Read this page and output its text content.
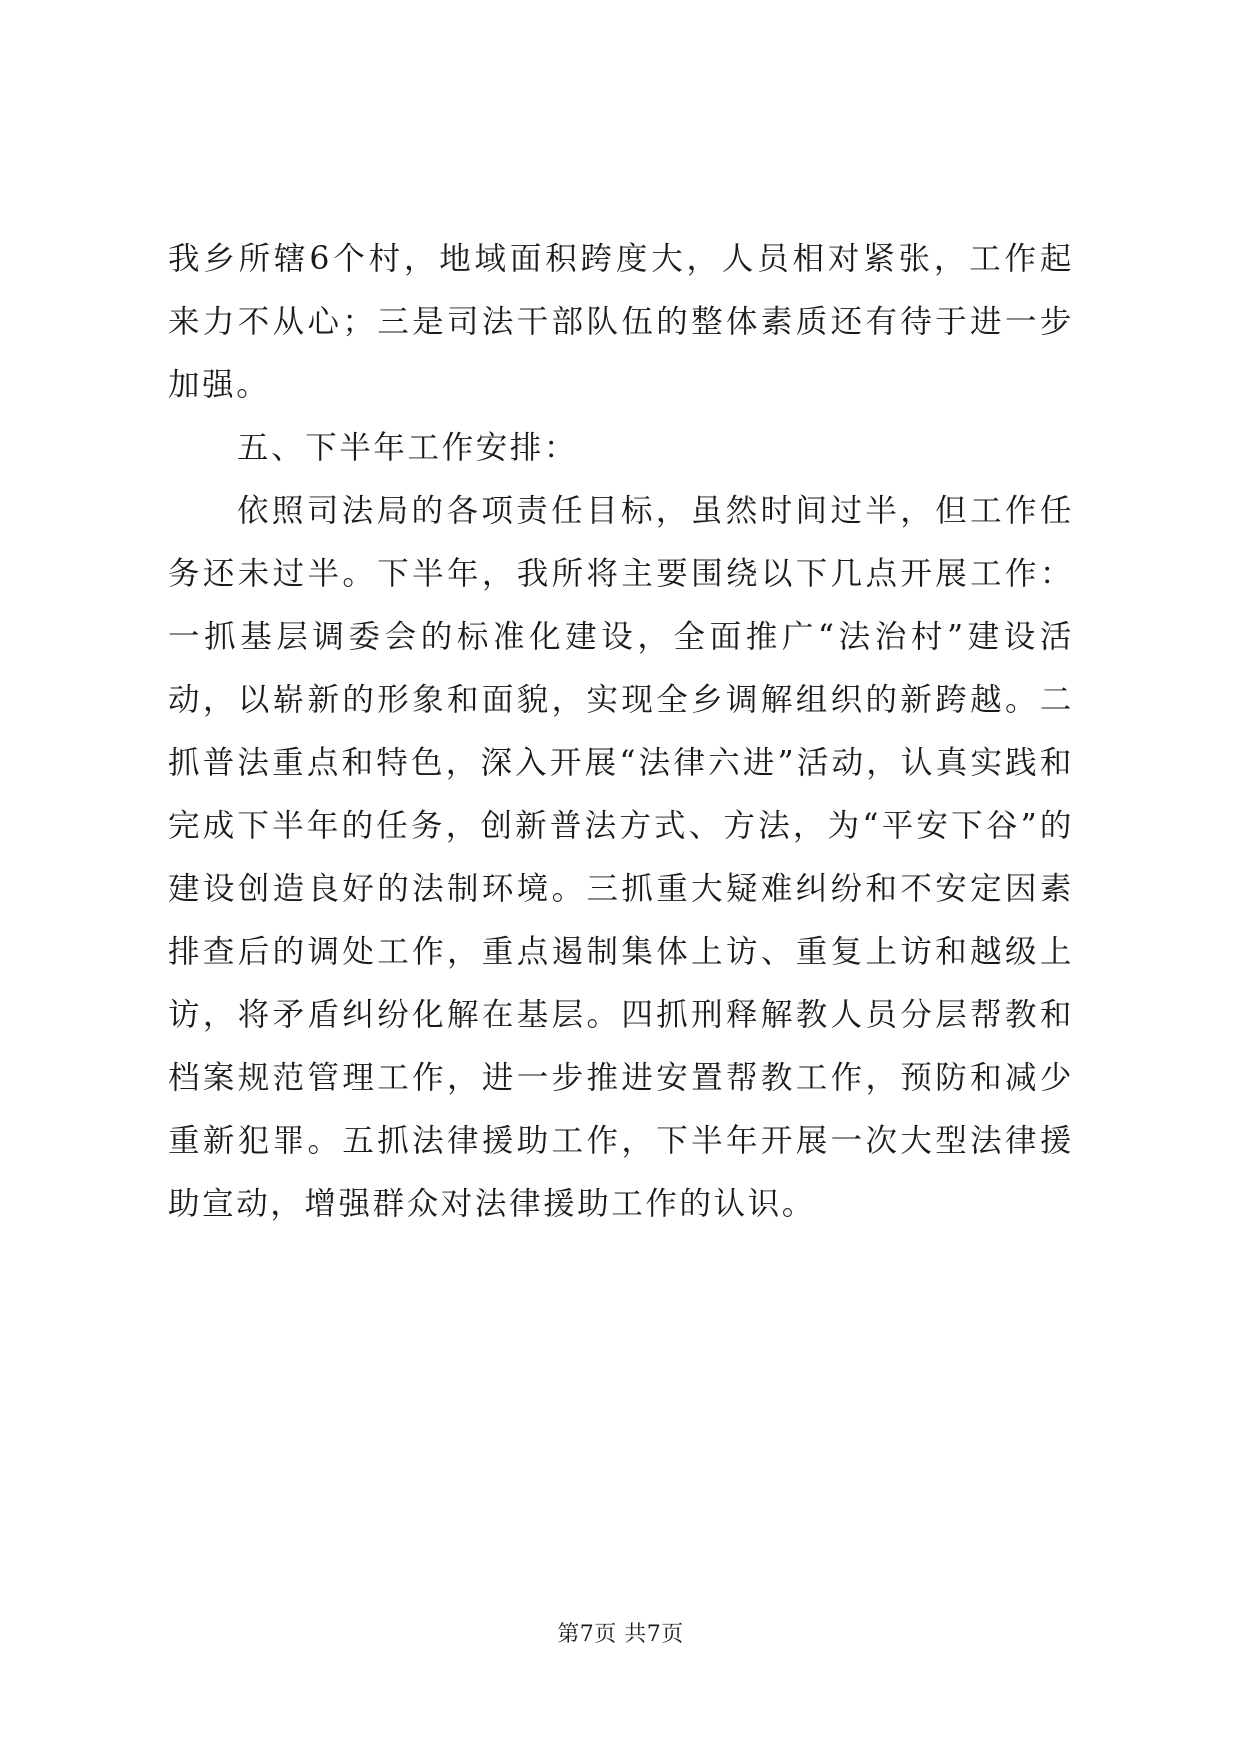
我乡所辖6个村，地域面积跨度大，人员相对紧张，工作起来力不从心；三是司法干部队伍的整体素质还有待于进一步加强。

五、下半年工作安排：

依照司法局的各项责任目标，虽然时间过半，但工作任务还未过半。下半年，我所将主要围绕以下几点开展工作：一抓基层调委会的标准化建设，全面推广“法治村”建设活动，以崭新的形象和面貌，实现全乡调解组织的新跨越。二抓普法重点和特色，深入开展“法律六进”活动，认真实践和完成下半年的任务，创新普法方式、方法，为“平安下谷”的建设创造良好的法制环境。三抓重大疑难纠纷和不安定因素排查后的调处工作，重点遏制集体上访、重复上访和越级上访，将矛盾纠纷化解在基层。四抓刑释解教人员分层帮教和档案规范管理工作，进一步推进安置帮教工作，预防和减少重新犯罪。五抓法律援助工作，下半年开展一次大型法律援助宣动，增强群众对法律援助工作的认识。

第7页 共7页
